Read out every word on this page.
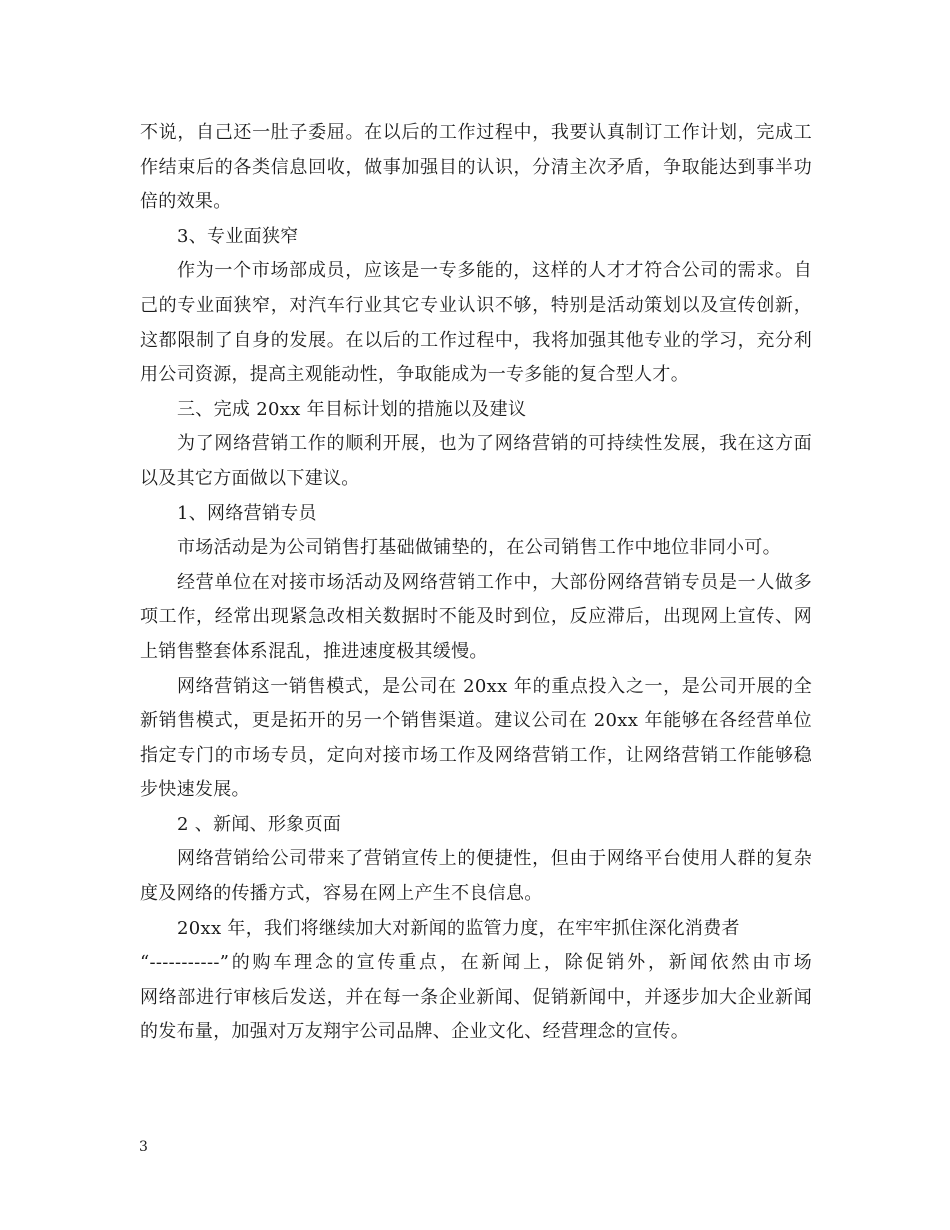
不说，自己还一肚子委屈。在以后的工作过程中，我要认真制订工作计划，完成工
作结束后的各类信息回收，做事加强目的认识，分清主次矛盾，争取能达到事半功
倍的效果。
3、专业面狭窄
作为一个市场部成员，应该是一专多能的，这样的人才才符合公司的需求。自
己的专业面狭窄，对汽车行业其它专业认识不够，特别是活动策划以及宣传创新，
这都限制了自身的发展。在以后的工作过程中，我将加强其他专业的学习，充分利
用公司资源，提高主观能动性，争取能成为一专多能的复合型人才。
三、完成 20xx 年目标计划的措施以及建议
为了网络营销工作的顺利开展，也为了网络营销的可持续性发展，我在这方面
以及其它方面做以下建议。
1、网络营销专员
市场活动是为公司销售打基础做铺垫的，在公司销售工作中地位非同小可。
经营单位在对接市场活动及网络营销工作中，大部份网络营销专员是一人做多
项工作，经常出现紧急改相关数据时不能及时到位，反应滞后，出现网上宣传、网
上销售整套体系混乱，推进速度极其缓慢。
网络营销这一销售模式，是公司在 20xx 年的重点投入之一，是公司开展的全
新销售模式，更是拓开的另一个销售渠道。建议公司在 20xx 年能够在各经营单位
指定专门的市场专员，定向对接市场工作及网络营销工作，让网络营销工作能够稳
步快速发展。
2 、新闻、形象页面
网络营销给公司带来了营销宣传上的便捷性，但由于网络平台使用人群的复杂
度及网络的传播方式，容易在网上产生不良信息。
20xx 年，我们将继续加大对新闻的监管力度，在牢牢抓住深化消费者
“-----------”的购车理念的宣传重点，在新闻上，除促销外，新闻依然由市场
网络部进行审核后发送，并在每一条企业新闻、促销新闻中，并逐步加大企业新闻
的发布量，加强对万友翔宇公司品牌、企业文化、经营理念的宣传。
3
